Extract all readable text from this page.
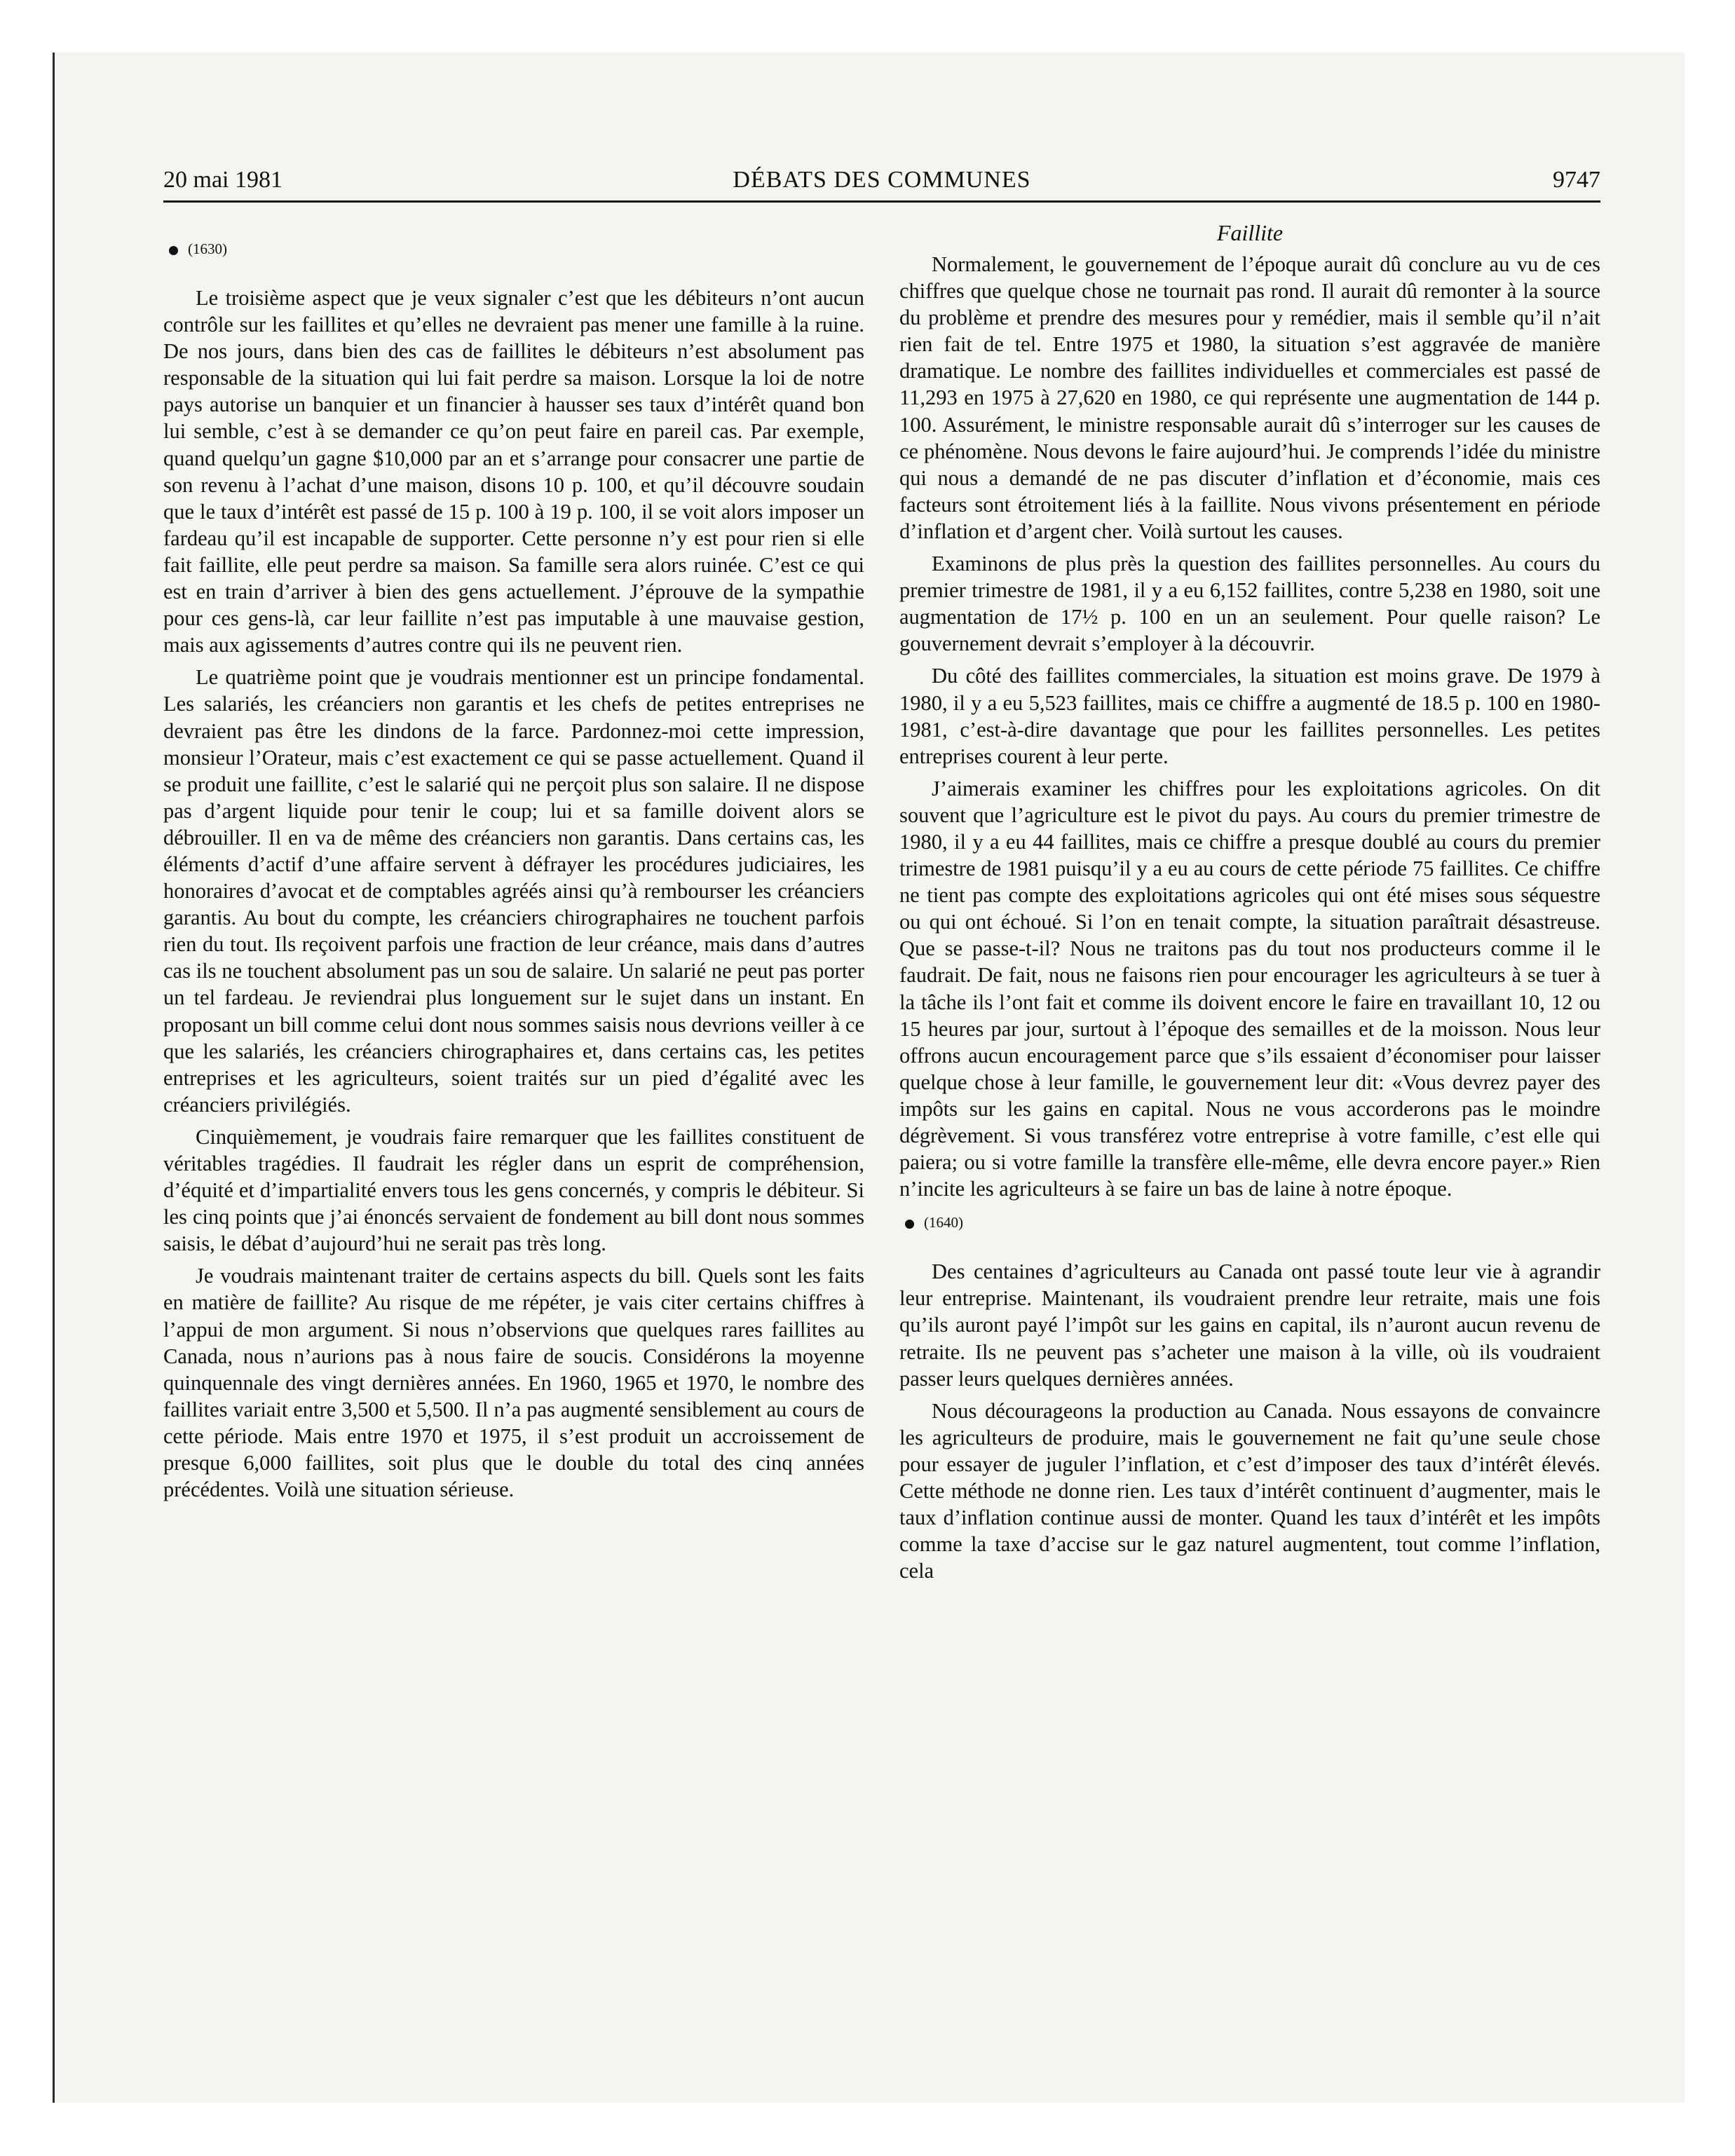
20 mai 1981	DÉBATS DES COMMUNES	9747
(1630)

Le troisième aspect que je veux signaler c’est que les débiteurs n’ont aucun contrôle sur les faillites et qu’elles ne devraient pas mener une famille à la ruine. De nos jours, dans bien des cas de faillites le débiteurs n’est absolument pas responsable de la situation qui lui fait perdre sa maison. Lorsque la loi de notre pays autorise un banquier et un financier à hausser ses taux d’intérêt quand bon lui semble, c’est à se demander ce qu’on peut faire en pareil cas. Par exemple, quand quelqu’un gagne $10,000 par an et s’arrange pour consacrer une partie de son revenu à l’achat d’une maison, disons 10 p. 100, et qu’il découvre soudain que le taux d’intérêt est passé de 15 p. 100 à 19 p. 100, il se voit alors imposer un fardeau qu’il est incapable de supporter. Cette personne n’y est pour rien si elle fait faillite, elle peut perdre sa maison. Sa famille sera alors ruinée. C’est ce qui est en train d’arriver à bien des gens actuellement. J’éprouve de la sympathie pour ces gens-là, car leur faillite n’est pas imputable à une mauvaise gestion, mais aux agissements d’autres contre qui ils ne peuvent rien.

Le quatrième point que je voudrais mentionner est un principe fondamental. Les salariés, les créanciers non garantis et les chefs de petites entreprises ne devraient pas être les dindons de la farce. Pardonnez-moi cette impression, monsieur l’Orateur, mais c’est exactement ce qui se passe actuellement. Quand il se produit une faillite, c’est le salarié qui ne perçoit plus son salaire. Il ne dispose pas d’argent liquide pour tenir le coup; lui et sa famille doivent alors se débrouiller. Il en va de même des créanciers non garantis. Dans certains cas, les éléments d’actif d’une affaire servent à défrayer les procédures judiciaires, les honoraires d’avocat et de comptables agréés ainsi qu’à rembourser les créanciers garantis. Au bout du compte, les créanciers chirographaires ne touchent parfois rien du tout. Ils reçoivent parfois une fraction de leur créance, mais dans d’autres cas ils ne touchent absolument pas un sou de salaire. Un salarié ne peut pas porter un tel fardeau. Je reviendrai plus longuement sur le sujet dans un instant. En proposant un bill comme celui dont nous sommes saisis nous devrions veiller à ce que les salariés, les créanciers chirographaires et, dans certains cas, les petites entreprises et les agriculteurs, soient traités sur un pied d’égalité avec les créanciers privilégiés.

Cinquièmement, je voudrais faire remarquer que les faillites constituent de véritables tragédies. Il faudrait les régler dans un esprit de compréhension, d’équité et d’impartialité envers tous les gens concernés, y compris le débiteur. Si les cinq points que j’ai énoncés servaient de fondement au bill dont nous sommes saisis, le débat d’aujourd’hui ne serait pas très long.

Je voudrais maintenant traiter de certains aspects du bill. Quels sont les faits en matière de faillite? Au risque de me répéter, je vais citer certains chiffres à l’appui de mon argument. Si nous n’observions que quelques rares faillites au Canada, nous n’aurions pas à nous faire de soucis. Considérons la moyenne quinquennale des vingt dernières années. En 1960, 1965 et 1970, le nombre des faillites variait entre 3,500 et 5,500. Il n’a pas augmenté sensiblement au cours de cette période. Mais entre 1970 et 1975, il s’est produit un accroissement de presque 6,000 faillites, soit plus que le double du total des cinq années précédentes. Voilà une situation sérieuse.

Faillite

Normalement, le gouvernement de l’époque aurait dû conclure au vu de ces chiffres que quelque chose ne tournait pas rond. Il aurait dû remonter à la source du problème et prendre des mesures pour y remédier, mais il semble qu’il n’ait rien fait de tel. Entre 1975 et 1980, la situation s’est aggravée de manière dramatique. Le nombre des faillites individuelles et commerciales est passé de 11,293 en 1975 à 27,620 en 1980, ce qui représente une augmentation de 144 p. 100. Assurément, le ministre responsable aurait dû s’interroger sur les causes de ce phénomène. Nous devons le faire aujourd’hui. Je comprends l’idée du ministre qui nous a demandé de ne pas discuter d’inflation et d’économie, mais ces facteurs sont étroitement liés à la faillite. Nous vivons présentement en période d’inflation et d’argent cher. Voilà surtout les causes.

Examinons de plus près la question des faillites personnelles. Au cours du premier trimestre de 1981, il y a eu 6,152 faillites, contre 5,238 en 1980, soit une augmentation de 17½ p. 100 en un an seulement. Pour quelle raison? Le gouvernement devrait s’employer à la découvrir.

Du côté des faillites commerciales, la situation est moins grave. De 1979 à 1980, il y a eu 5,523 faillites, mais ce chiffre a augmenté de 18.5 p. 100 en 1980-1981, c’est-à-dire davantage que pour les faillites personnelles. Les petites entreprises courent à leur perte.

J’aimerais examiner les chiffres pour les exploitations agricoles. On dit souvent que l’agriculture est le pivot du pays. Au cours du premier trimestre de 1980, il y a eu 44 faillites, mais ce chiffre a presque doublé au cours du premier trimestre de 1981 puisqu’il y a eu au cours de cette période 75 faillites. Ce chiffre ne tient pas compte des exploitations agricoles qui ont été mises sous séquestre ou qui ont échoué. Si l’on en tenait compte, la situation paraîtrait désastreuse. Que se passe-t-il? Nous ne traitons pas du tout nos producteurs comme il le faudrait. De fait, nous ne faisons rien pour encourager les agriculteurs à se tuer à la tâche ils l’ont fait et comme ils doivent encore le faire en travaillant 10, 12 ou 15 heures par jour, surtout à l’époque des semailles et de la moisson. Nous leur offrons aucun encouragement parce que s’ils essaient d’économiser pour laisser quelque chose à leur famille, le gouvernement leur dit: «Vous devrez payer des impôts sur les gains en capital. Nous ne vous accorderons pas le moindre dégrèvement. Si vous transférez votre entreprise à votre famille, c’est elle qui paiera; ou si votre famille la transfère elle-même, elle devra encore payer.» Rien n’incite les agriculteurs à se faire un bas de laine à notre époque.

(1640)

Des centaines d’agriculteurs au Canada ont passé toute leur vie à agrandir leur entreprise. Maintenant, ils voudraient prendre leur retraite, mais une fois qu’ils auront payé l’impôt sur les gains en capital, ils n’auront aucun revenu de retraite. Ils ne peuvent pas s’acheter une maison à la ville, où ils voudraient passer leurs quelques dernières années.

Nous décourageons la production au Canada. Nous essayons de convaincre les agriculteurs de produire, mais le gouvernement ne fait qu’une seule chose pour essayer de juguler l’inflation, et c’est d’imposer des taux d’intérêt élevés. Cette méthode ne donne rien. Les taux d’intérêt continuent d’augmenter, mais le taux d’inflation continue aussi de monter. Quand les taux d’intérêt et les impôts comme la taxe d’accise sur le gaz naturel augmentent, tout comme l’inflation, cela
